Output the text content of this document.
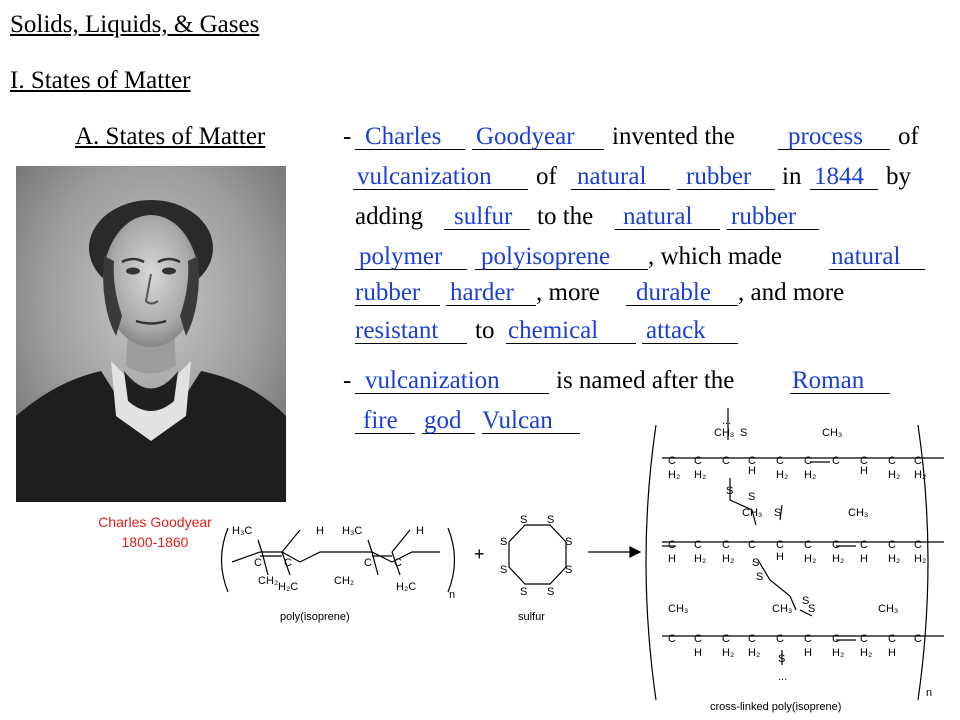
Solids, Liquids, & Gases
I. States of Matter
A. States of Matter	- Charles	Goodyear	invented the	process	of
vulcanization	of natural	rubber	in 1844 by
adding	sulfur to the	natural	rubber
polymer	polyisoprene	, which made natural
rubber	harder , more	durable	, and more
resistant	to chemical	attack
- vulcanization	is named after the Roman
fire	god Vulcan
Charles Goodyear
1800-1860
H₃C	H H₃C	H
C C	C C
CH₂ H₂C	CH₂	H₂C
n
poly(isoprene)
+
S S
S
S
S
S
S
S
sulfur
...
CH₃ S	CH₃
C C C C C C C C C C
H₂ H₂	H H₂ H₂	H H₂ H₂
S S
CH₃ S	CH₃
C C C C C C C C C C
H H₂ H₂	H H₂ H₂ H H₂ H₂
S
S
S
CH₃	CH₃ S	CH₃
C C C C C C C C C C
H H₂ H₂	H H₂ H₂ H
S
...
n
cross-linked poly(isoprene)
